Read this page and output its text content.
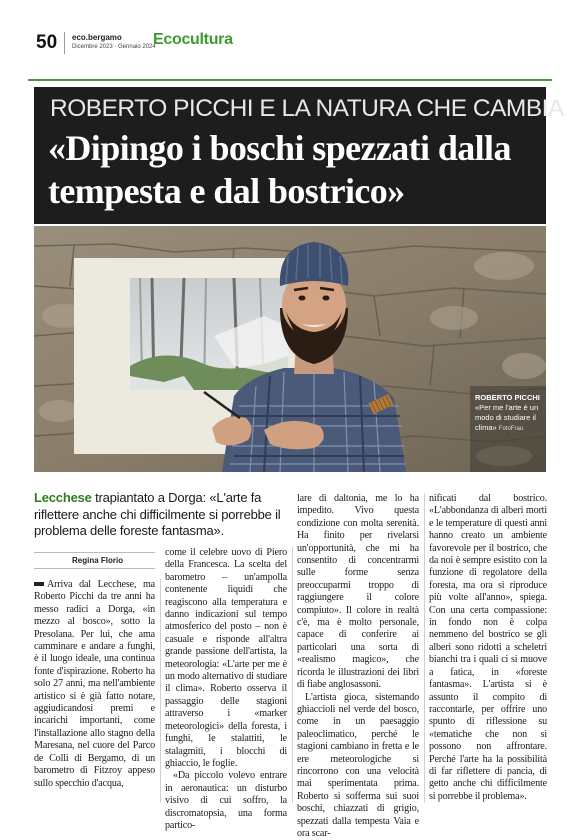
50 eco.bergamo
Dicembre 2023 · Gennaio 2024
Ecocultura
ROBERTO PICCHI E LA NATURA CHE CAMBIA
«Dipingo i boschi spezzati dalla tempesta e dal bostrico»
ROBERTO PICCHI «Per me l'arte è un modo di studiare il clima» FotoFrau
Lecchese trapiantato a Dorga: «L'arte fa riflettere anche chi difficilmente si porrebbe il problema delle foreste fantasma».
Regina Florio

Arriva dal Lecchese, ma Roberto Picchi da tre anni ha messo radici a Dorga, «in mezzo al bosco», sotto la Presolana. Per lui, che ama camminare e andare a funghi, è il luogo ideale, una continua fonte d'ispirazione. Roberto ha solo 27 anni, ma nell'ambiente artistico si è già fatto notare, aggiudicandosi premi e incarichi importanti, come l'installazione allo stagno della Maresana, nel cuore del Parco de Colli di Bergamo, di un barometro di Fitzroy appeso sullo specchio d'acqua,

come il celebre uovo di Piero della Francesca. La scelta del barometro – un'ampolla contenente liquidi che reagiscono alla temperatura e danno indicazioni sul tempo atmosferico del posto – non è casuale e risponde all'altra grande passione dell'artista, la meteorologia: «L'arte per me è un modo alternativo di studiare il clima». Roberto osserva il passaggio delle stagioni attraverso i «marker meteorologici» della foresta, i funghi, le stalattiti, le stalagmiti, i blocchi di ghiaccio, le foglie.

«Da piccolo volevo entrare in aeronautica: un disturbo visivo di cui soffro, la discromatopsia, una forma partico-

lare di daltonia, me lo ha impedito. Vivo questa condizione con molta serenità. Ha finito per rivelarsi un'opportunità, che mi ha consentito di concentrarmi sulle forme senza preoccuparmi troppo di raggiungere il colore compiuto». Il colore in realtà c'è, ma è molto personale, capace di conferire ai particolari una sorta di «realismo magico», che ricorda le illustrazioni dei libri di fiabe anglosassoni.

L'artista gioca, sistemando ghiaccioli nel verde del bosco, come in un paesaggio paleoclimatico, perché le stagioni cambiano in fretta e le ere meteorologiche si rincorrono con una velocità mai sperimentata prima. Roberto si sofferma sui suoi boschi, chiazzati di grigio, spezzati dalla tempesta Vaia e ora scar-

nificati dal bostrico. «L'abbondanza di alberi morti e le temperature di questi anni hanno creato un ambiente favorevole per il bostrico, che da noi è sempre esistito con la funzione di regolatore della foresta, ma ora si riproduce più volte all'anno», spiega. Con una certa compassione: in fondo non è colpa nemmeno del bostrico se gli alberi sono ridotti a scheletri bianchi tra i quali ci si muove a fatica, in «foreste fantasma». L'artista si è assunto il compito di raccontarle, per offrire uno spunto di riflessione su «tematiche che non si possono non affrontare. Perché l'arte ha la possibilità di far riflettere di pancia, di getto anche chi difficilmente si porrebbe il problema».
